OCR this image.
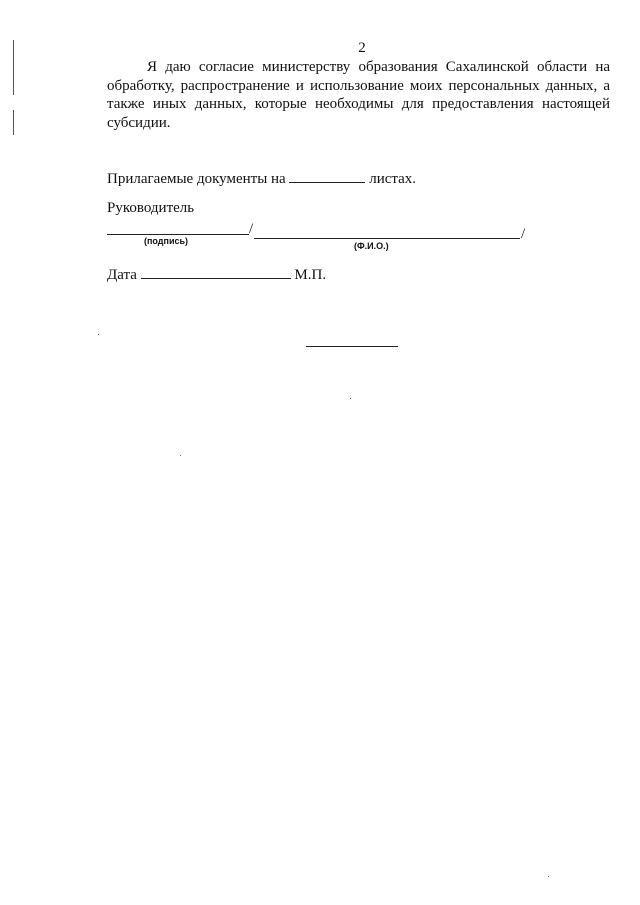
2

Я даю согласие министерству образования Сахалинской области на обработку, распространение и использование моих персональных данных, а также иных данных, которые необходимы для предоставления настоящей субсидии.

Прилагаемые документы на	листах.
Руководитель
/	/
(подпись)	(Ф.И.О.)
Дата	М.П.
